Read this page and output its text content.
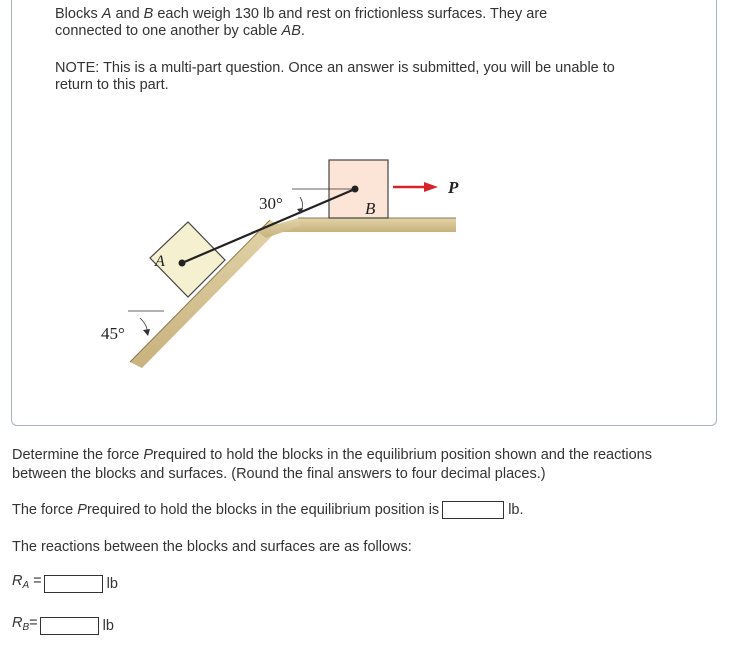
Blocks A and B each weigh 130 lb and rest on frictionless surfaces. They are

connected to one another by cable AB.

NOTE: This is a multi-part question. Once an answer is submitted, you will be unable to

return to this part.

A
B
P
30°
45°

Determine the force Prequired to hold the blocks in the equilibrium position shown and the reactions

between the blocks and surfaces. (Round the final answers to four decimal places.)

The force Prequired to hold the blocks in the equilibrium position is	lb.

The reactions between the blocks and surfaces are as follows:

$R_A$ =	lb
$R_B=$	lb
